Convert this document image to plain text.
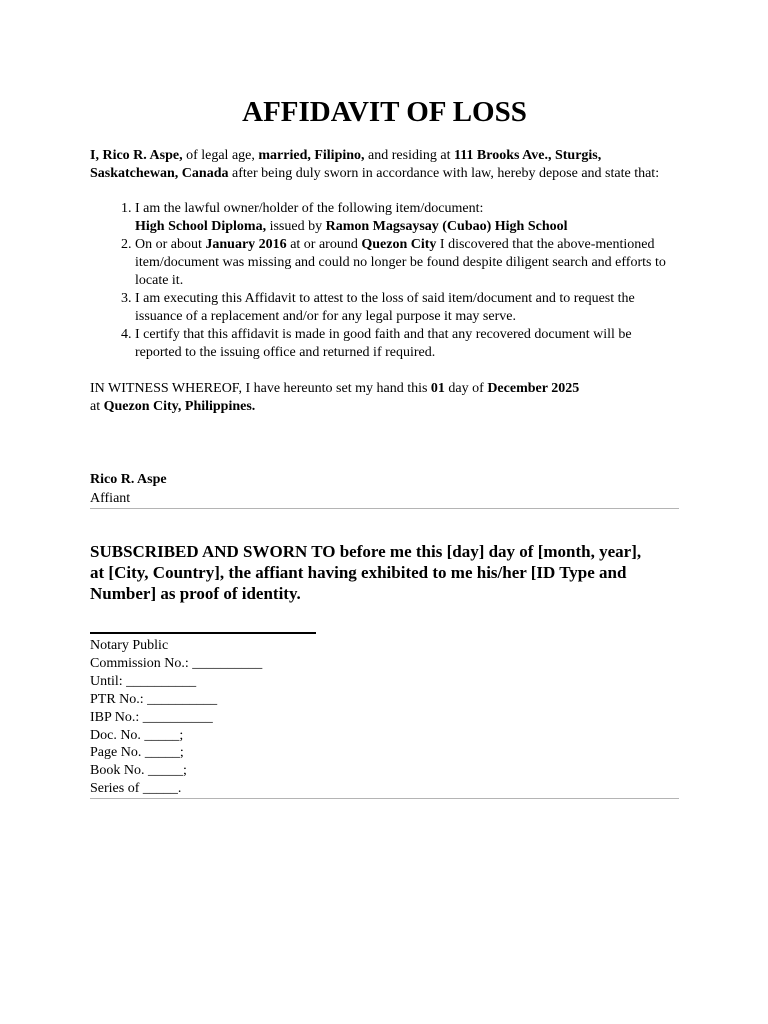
AFFIDAVIT OF LOSS

I, Rico R. Aspe, of legal age, married, Filipino, and residing at 111 Brooks Ave., Sturgis, Saskatchewan, Canada after being duly sworn in accordance with law, hereby depose and state that:

1. I am the lawful owner/holder of the following item/document:
High School Diploma, issued by Ramon Magsaysay (Cubao) High School
2. On or about January 2016 at or around Quezon City I discovered that the above-mentioned item/document was missing and could no longer be found despite diligent search and efforts to locate it.
3. I am executing this Affidavit to attest to the loss of said item/document and to request the issuance of a replacement and/or for any legal purpose it may serve.
4. I certify that this affidavit is made in good faith and that any recovered document will be reported to the issuing office and returned if required.

IN WITNESS WHEREOF, I have hereunto set my hand this 01 day of December 2025
at Quezon City, Philippines.

Rico R. Aspe
Affiant
SUBSCRIBED AND SWORN TO before me this [day] day of [month, year],
at [City, Country], the affiant having exhibited to me his/her [ID Type and
Number] as proof of identity.
Notary Public
Commission No.: __________
Until: __________
PTR No.: __________
IBP No.: __________
Doc. No. _____;
Page No. _____;
Book No. _____;
Series of _____.
